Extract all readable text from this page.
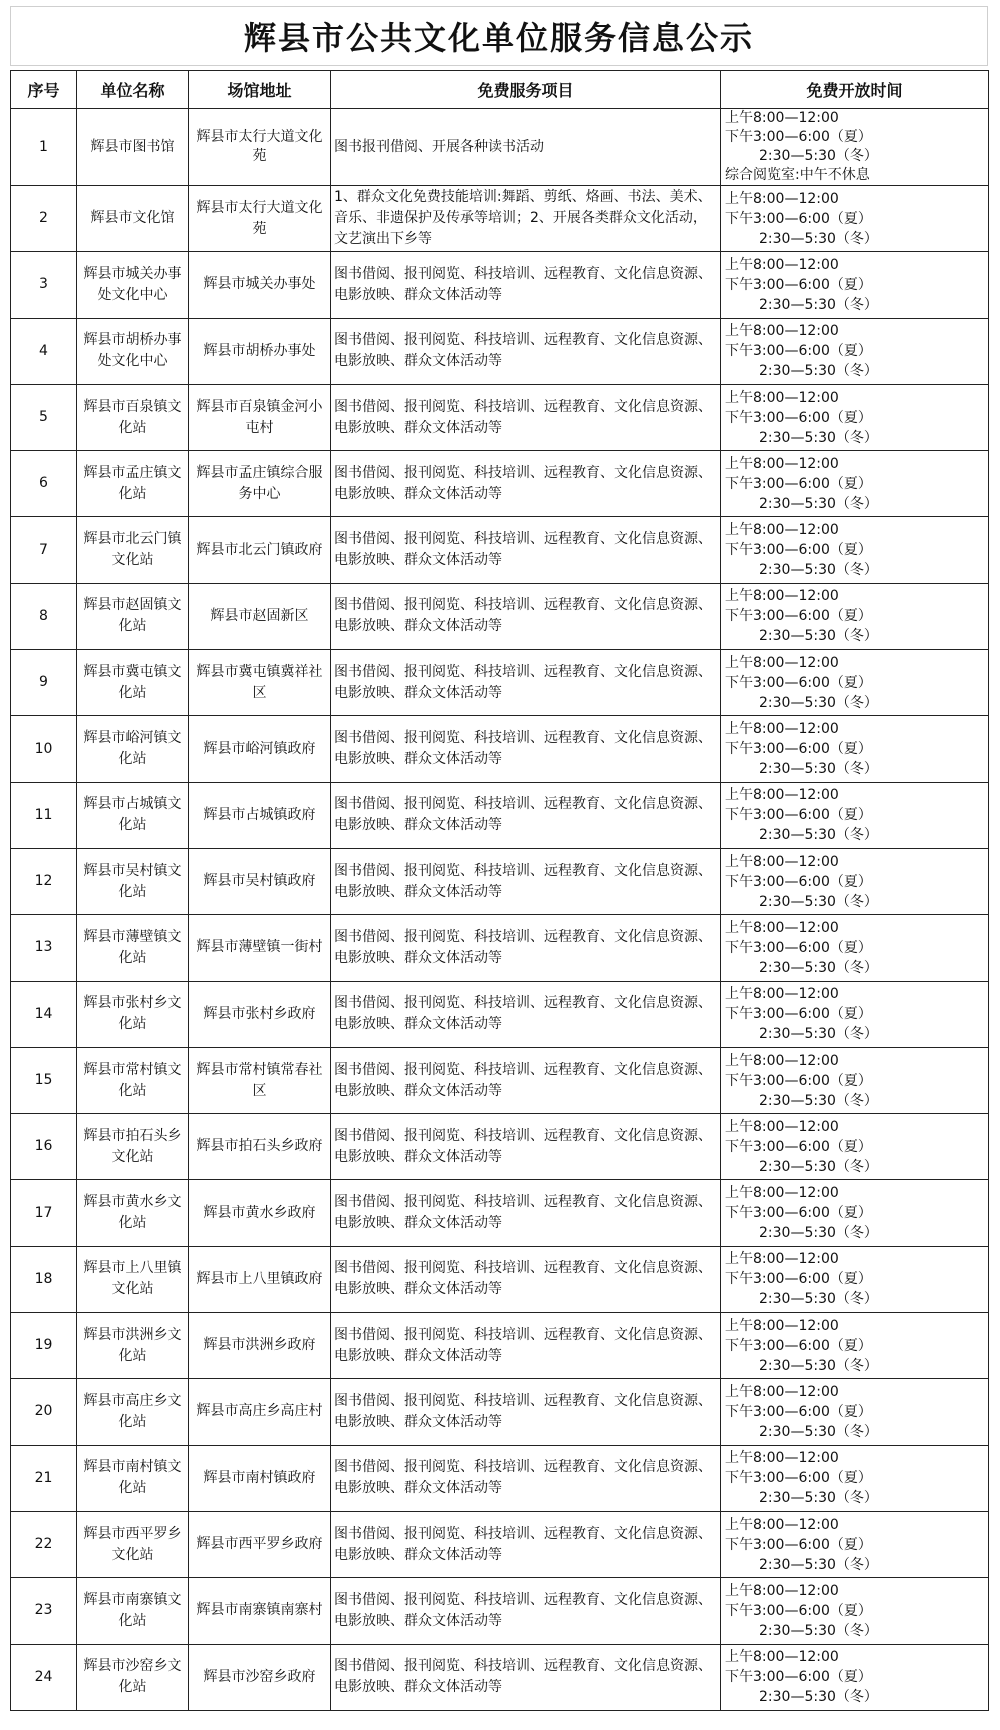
辉县市公共文化单位服务信息公示
序号	单位名称	场馆地址	免费服务项目	免费开放时间
1	辉县市图书馆	辉县市太行大道文化苑	图书报刊借阅、开展各种读书活动	上午8:00—12:00
下午3:00—6:00（夏）
2:30—5:30（冬）
综合阅览室:中午不休息

2	辉县市文化馆	辉县市太行大道文化苑	1、群众文化免费技能培训:舞蹈、剪纸、烙画、书法、美术、音乐、非遗保护及传承等培训；2、开展各类群众文化活动，文艺演出下乡等	上午8:00—12:00
下午3:00—6:00（夏）
2:30—5:30（冬）

3	辉县市城关办事处文化中心	辉县市城关办事处	图书借阅、报刊阅览、科技培训、远程教育、文化信息资源、电影放映、群众文体活动等	上午8:00—12:00
下午3:00—6:00（夏）
2:30—5:30（冬）

4	辉县市胡桥办事处文化中心	辉县市胡桥办事处	图书借阅、报刊阅览、科技培训、远程教育、文化信息资源、电影放映、群众文体活动等	上午8:00—12:00
下午3:00—6:00（夏）
2:30—5:30（冬）

5	辉县市百泉镇文化站	辉县市百泉镇金河小屯村	图书借阅、报刊阅览、科技培训、远程教育、文化信息资源、电影放映、群众文体活动等	上午8:00—12:00
下午3:00—6:00（夏）
2:30—5:30（冬）

6	辉县市孟庄镇文化站	辉县市孟庄镇综合服务中心	图书借阅、报刊阅览、科技培训、远程教育、文化信息资源、电影放映、群众文体活动等	上午8:00—12:00
下午3:00—6:00（夏）
2:30—5:30（冬）

7	辉县市北云门镇文化站	辉县市北云门镇政府	图书借阅、报刊阅览、科技培训、远程教育、文化信息资源、电影放映、群众文体活动等	上午8:00—12:00
下午3:00—6:00（夏）
2:30—5:30（冬）

8	辉县市赵固镇文化站	辉县市赵固新区	图书借阅、报刊阅览、科技培训、远程教育、文化信息资源、电影放映、群众文体活动等	上午8:00—12:00
下午3:00—6:00（夏）
2:30—5:30（冬）

9	辉县市冀屯镇文化站	辉县市冀屯镇冀祥社区	图书借阅、报刊阅览、科技培训、远程教育、文化信息资源、电影放映、群众文体活动等	上午8:00—12:00
下午3:00—6:00（夏）
2:30—5:30（冬）

10	辉县市峪河镇文化站	辉县市峪河镇政府	图书借阅、报刊阅览、科技培训、远程教育、文化信息资源、电影放映、群众文体活动等	上午8:00—12:00
下午3:00—6:00（夏）
2:30—5:30（冬）

11	辉县市占城镇文化站	辉县市占城镇政府	图书借阅、报刊阅览、科技培训、远程教育、文化信息资源、电影放映、群众文体活动等	上午8:00—12:00
下午3:00—6:00（夏）
2:30—5:30（冬）

12	辉县市吴村镇文化站	辉县市吴村镇政府	图书借阅、报刊阅览、科技培训、远程教育、文化信息资源、电影放映、群众文体活动等	上午8:00—12:00
下午3:00—6:00（夏）
2:30—5:30（冬）

13	辉县市薄壁镇文化站	辉县市薄壁镇一街村	图书借阅、报刊阅览、科技培训、远程教育、文化信息资源、电影放映、群众文体活动等	上午8:00—12:00
下午3:00—6:00（夏）
2:30—5:30（冬）

14	辉县市张村乡文化站	辉县市张村乡政府	图书借阅、报刊阅览、科技培训、远程教育、文化信息资源、电影放映、群众文体活动等	上午8:00—12:00
下午3:00—6:00（夏）
2:30—5:30（冬）

15	辉县市常村镇文化站	辉县市常村镇常春社区	图书借阅、报刊阅览、科技培训、远程教育、文化信息资源、电影放映、群众文体活动等	上午8:00—12:00
下午3:00—6:00（夏）
2:30—5:30（冬）

16	辉县市拍石头乡文化站	辉县市拍石头乡政府	图书借阅、报刊阅览、科技培训、远程教育、文化信息资源、电影放映、群众文体活动等	上午8:00—12:00
下午3:00—6:00（夏）
2:30—5:30（冬）

17	辉县市黄水乡文化站	辉县市黄水乡政府	图书借阅、报刊阅览、科技培训、远程教育、文化信息资源、电影放映、群众文体活动等	上午8:00—12:00
下午3:00—6:00（夏）
2:30—5:30（冬）

18	辉县市上八里镇文化站	辉县市上八里镇政府	图书借阅、报刊阅览、科技培训、远程教育、文化信息资源、电影放映、群众文体活动等	上午8:00—12:00
下午3:00—6:00（夏）
2:30—5:30（冬）

19	辉县市洪洲乡文化站	辉县市洪洲乡政府	图书借阅、报刊阅览、科技培训、远程教育、文化信息资源、电影放映、群众文体活动等	上午8:00—12:00
下午3:00—6:00（夏）
2:30—5:30（冬）

20	辉县市高庄乡文化站	辉县市高庄乡高庄村	图书借阅、报刊阅览、科技培训、远程教育、文化信息资源、电影放映、群众文体活动等	上午8:00—12:00
下午3:00—6:00（夏）
2:30—5:30（冬）

21	辉县市南村镇文化站	辉县市南村镇政府	图书借阅、报刊阅览、科技培训、远程教育、文化信息资源、电影放映、群众文体活动等	上午8:00—12:00
下午3:00—6:00（夏）
2:30—5:30（冬）

22	辉县市西平罗乡文化站	辉县市西平罗乡政府	图书借阅、报刊阅览、科技培训、远程教育、文化信息资源、电影放映、群众文体活动等	上午8:00—12:00
下午3:00—6:00（夏）
2:30—5:30（冬）

23	辉县市南寨镇文化站	辉县市南寨镇南寨村	图书借阅、报刊阅览、科技培训、远程教育、文化信息资源、电影放映、群众文体活动等	上午8:00—12:00
下午3:00—6:00（夏）
2:30—5:30（冬）

24	辉县市沙窑乡文化站	辉县市沙窑乡政府	图书借阅、报刊阅览、科技培训、远程教育、文化信息资源、电影放映、群众文体活动等	上午8:00—12:00
下午3:00—6:00（夏）
2:30—5:30（冬）
